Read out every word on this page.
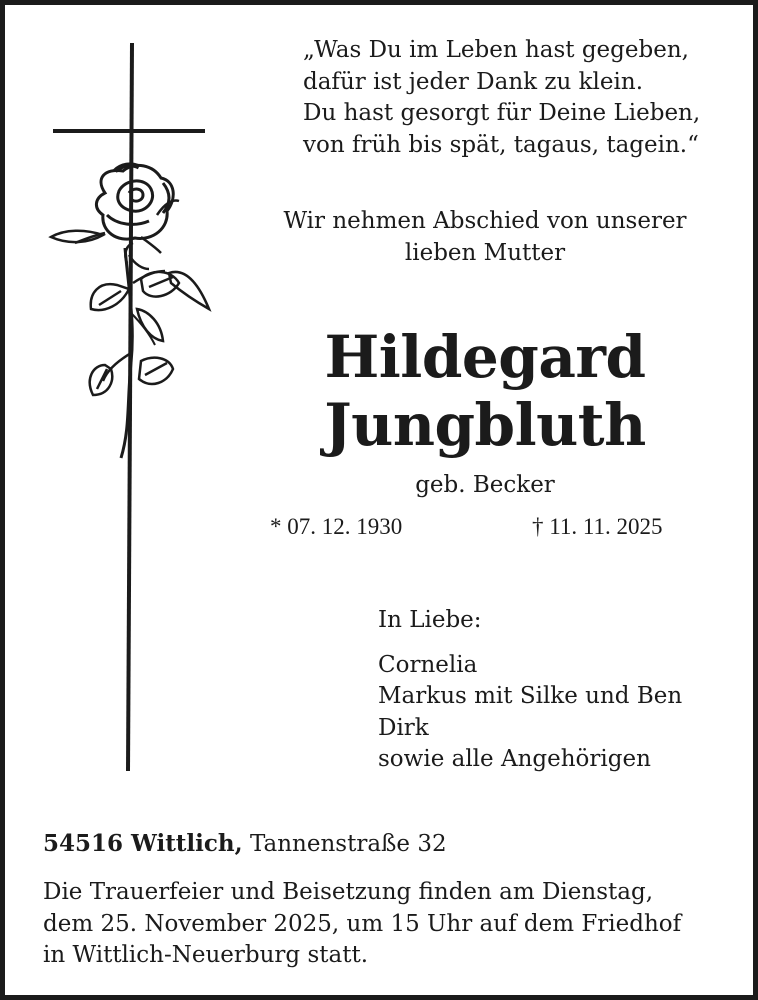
„Was Du im Leben hast gegeben,
dafür ist jeder Dank zu klein.
Du hast gesorgt für Deine Lieben,
von früh bis spät, tagaus, tagein.“
Wir nehmen Abschied von unserer
lieben Mutter
Hildegard
Jungbluth
geb. Becker
* 07. 12. 1930	† 11. 11. 2025
In Liebe:
Cornelia
Markus mit Silke und Ben
Dirk
sowie alle Angehörigen
54516 Wittlich, Tannenstraße 32
Die Trauerfeier und Beisetzung finden am Dienstag,
dem 25. November 2025, um 15 Uhr auf dem Friedhof
in Wittlich-Neuerburg statt.
